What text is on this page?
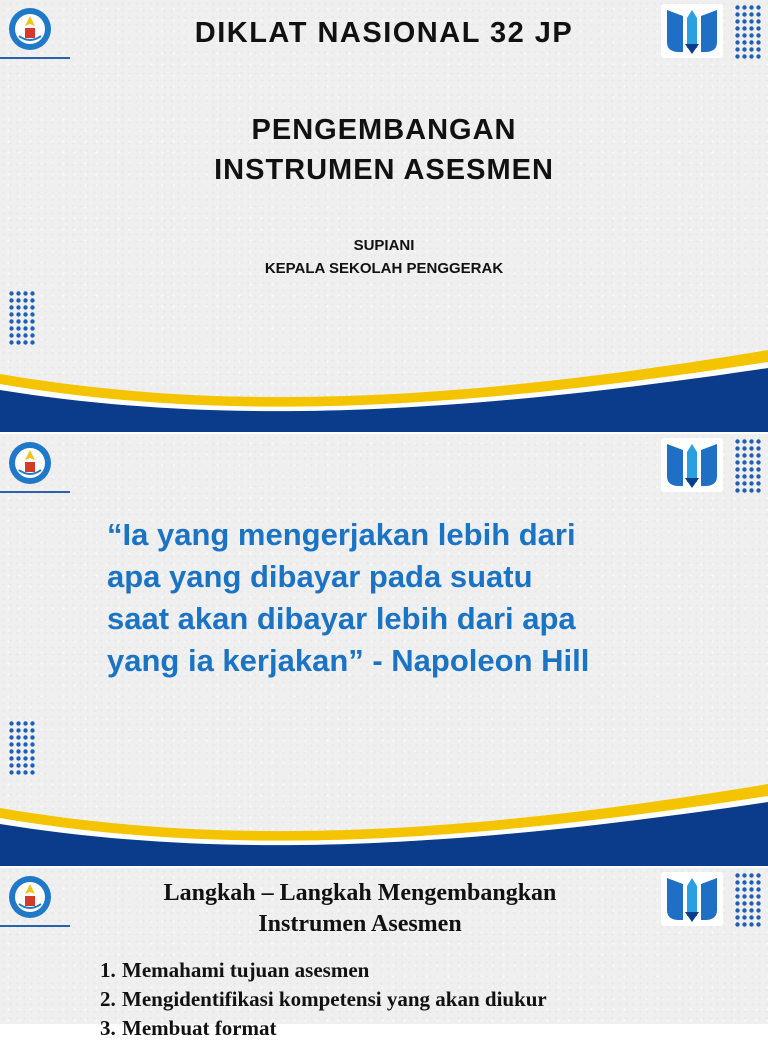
DIKLAT NASIONAL 32 JP
PENGEMBANGAN
INSTRUMEN ASESMEN
SUPIANI
KEPALA SEKOLAH PENGGERAK
“Ia yang mengerjakan lebih dari
apa yang dibayar pada suatu
saat akan dibayar lebih dari apa
yang ia kerjakan” - Napoleon Hill
Langkah – Langkah Mengembangkan
Instrumen Asesmen
1. Memahami tujuan asesmen
2. Mengidentifikasi kompetensi yang akan diukur
3. Membuat format
